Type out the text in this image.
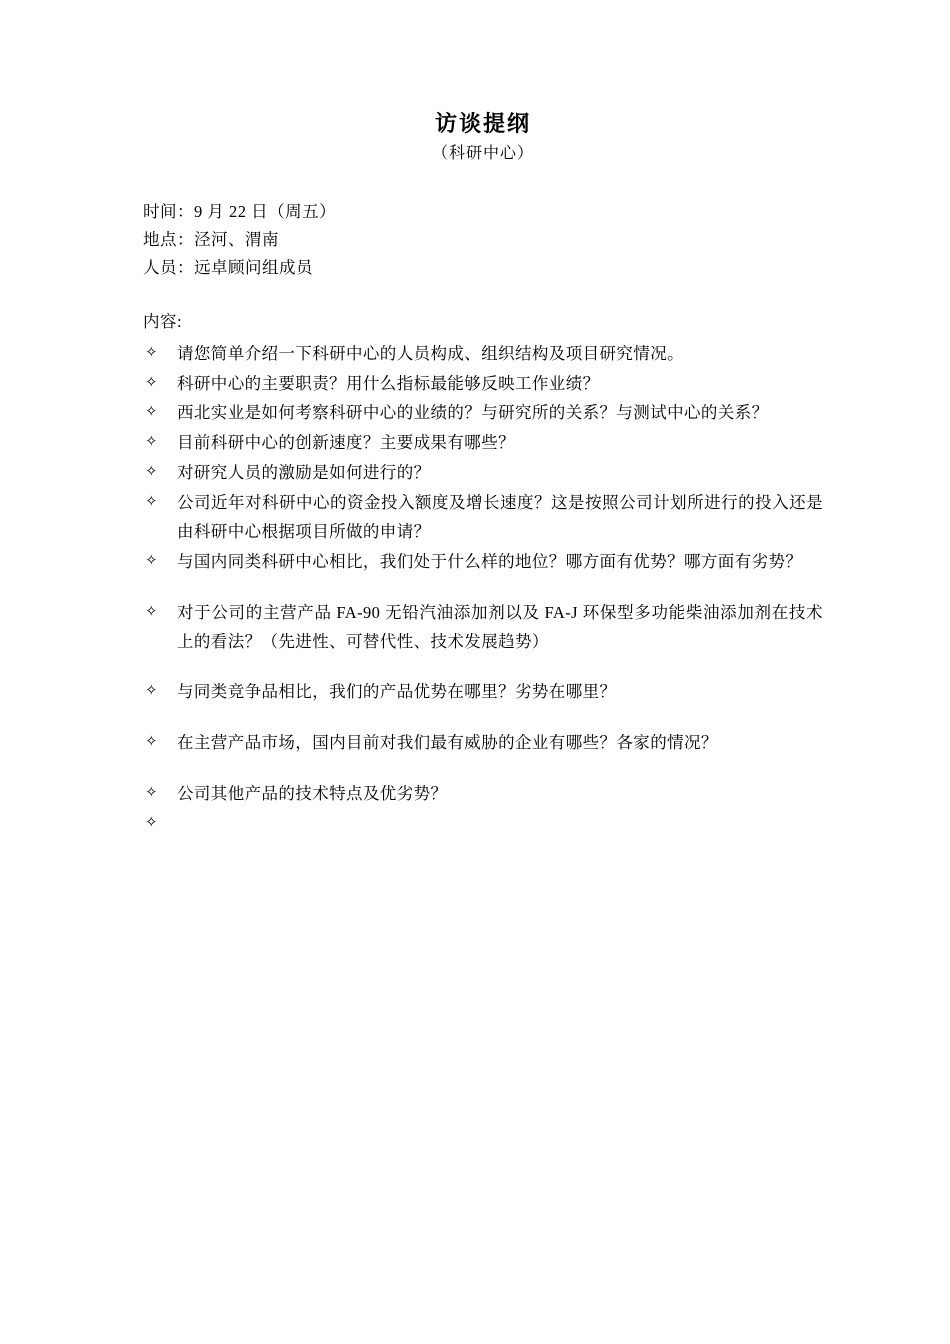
访谈提纲
（科研中心）
时间：9 月 22 日（周五）
地点：泾河、渭南
人员：远卓顾问组成员
内容:
✧ 请您简单介绍一下科研中心的人员构成、组织结构及项目研究情况。
✧ 科研中心的主要职责？用什么指标最能够反映工作业绩？
✧ 西北实业是如何考察科研中心的业绩的？与研究所的关系？与测试中心的关系？
✧ 目前科研中心的创新速度？主要成果有哪些？
✧ 对研究人员的激励是如何进行的？
✧ 公司近年对科研中心的资金投入额度及增长速度？这是按照公司计划所进行的投入还是由科研中心根据项目所做的申请？
✧ 与国内同类科研中心相比，我们处于什么样的地位？哪方面有优势？哪方面有劣势？
✧ 对于公司的主营产品 FA-90 无铅汽油添加剂以及 FA-J 环保型多功能柴油添加剂在技术上的看法？（先进性、可替代性、技术发展趋势）
✧ 与同类竞争品相比，我们的产品优势在哪里？劣势在哪里？
✧ 在主营产品市场，国内目前对我们最有威胁的企业有哪些？各家的情况？
✧ 公司其他产品的技术特点及优劣势？
✧
